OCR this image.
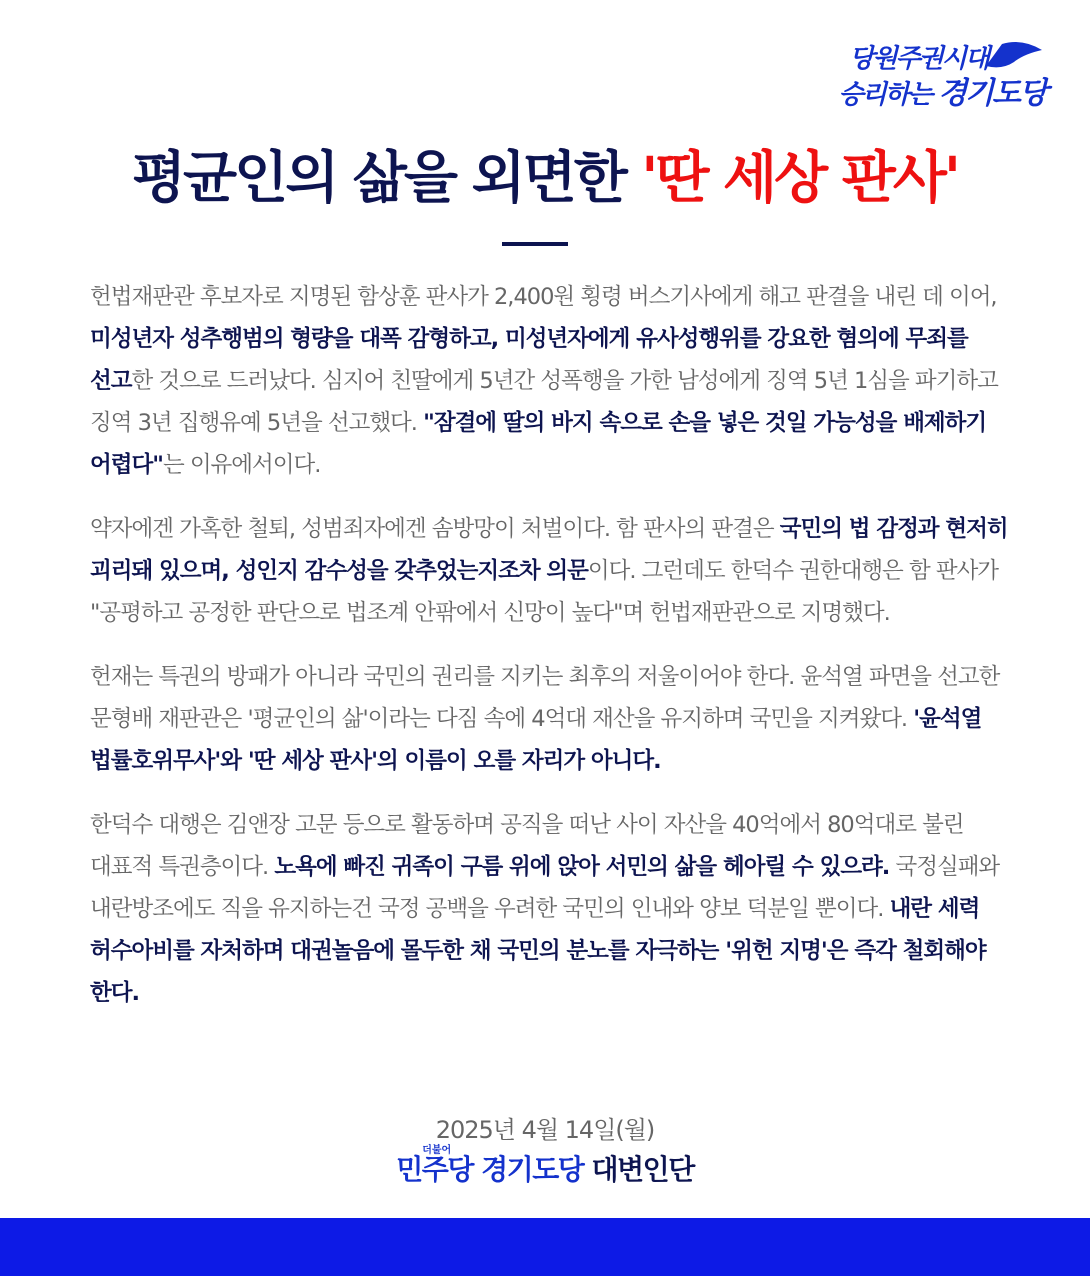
당원주권시대
승리하는 경기도당
평균인의 삶을 외면한 '딴 세상 판사'

헌법재판관 후보자로 지명된 함상훈 판사가 2,400원 횡령 버스기사에게 해고 판결을 내린 데 이어, 미성년자 성추행범의 형량을 대폭 감형하고, 미성년자에게 유사성행위를 강요한 혐의에 무죄를 선고한 것으로 드러났다. 심지어 친딸에게 5년간 성폭행을 가한 남성에게 징역 5년 1심을 파기하고 징역 3년 집행유예 5년을 선고했다. "잠결에 딸의 바지 속으로 손을 넣은 것일 가능성을 배제하기 어렵다"는 이유에서이다.

약자에겐 가혹한 철퇴, 성범죄자에겐 솜방망이 처벌이다. 함 판사의 판결은 국민의 법 감정과 현저히 괴리돼 있으며, 성인지 감수성을 갖추었는지조차 의문이다. 그런데도 한덕수 권한대행은 함 판사가 "공평하고 공정한 판단으로 법조계 안팎에서 신망이 높다"며 헌법재판관으로 지명했다.

헌재는 특권의 방패가 아니라 국민의 권리를 지키는 최후의 저울이어야 한다. 윤석열 파면을 선고한 문형배 재판관은 '평균인의 삶'이라는 다짐 속에 4억대 재산을 유지하며 국민을 지켜왔다. '윤석열 법률호위무사'와 '딴 세상 판사'의 이름이 오를 자리가 아니다.

한덕수 대행은 김앤장 고문 등으로 활동하며 공직을 떠난 사이 자산을 40억에서 80억대로 불린 대표적 특권층이다. 노욕에 빠진 귀족이 구름 위에 앉아 서민의 삶을 헤아릴 수 있으랴. 국정실패와 내란방조에도 직을 유지하는건 국정 공백을 우려한 국민의 인내와 양보 덕분일 뿐이다. 내란 세력 허수아비를 자처하며 대권놀음에 몰두한 채 국민의 분노를 자극하는 '위헌 지명'은 즉각 철회해야 한다.

2025년 4월 14일(월)
더불어
민주당 경기도당 대변인단
